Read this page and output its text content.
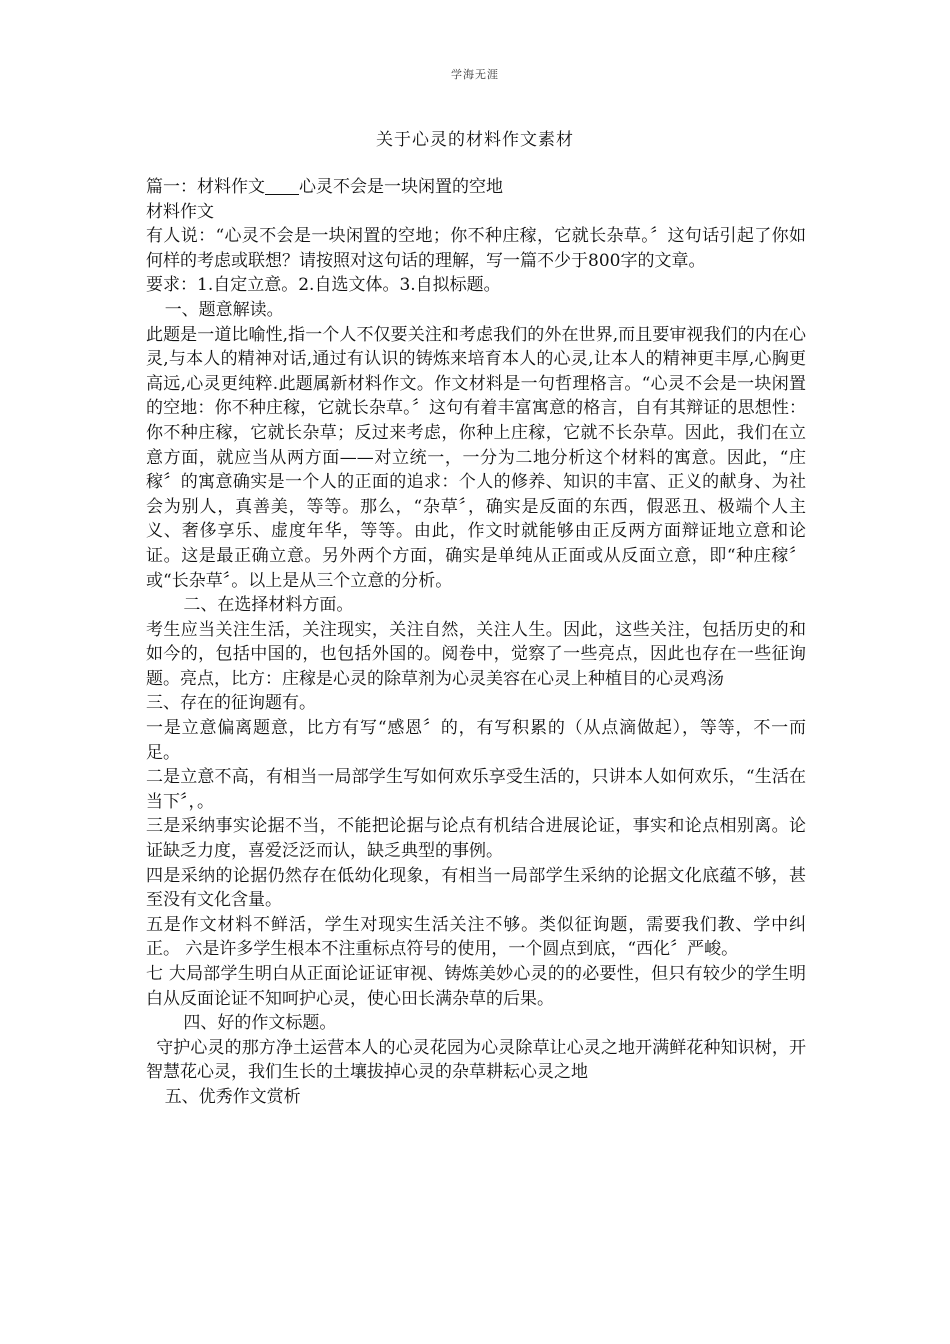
学海无涯
关于心灵的材料作文素材

篇一：材料作文 心灵不会是一块闲置的空地

材料作文

有人说：“心灵不会是一块闲置的空地；你不种庄稼，它就长杂草。〞这句话引起了你如何样的考虑或联想？请按照对这句话的理解，写一篇不少于800字的文章。

要求：1.自定立意。2.自选文体。3.自拟标题。

一、题意解读。

此题是一道比喻性,指一个人不仅要关注和考虑我们的外在世界,而且要审视我们的内在心灵,与本人的精神对话,通过有认识的铸炼来培育本人的心灵,让本人的精神更丰厚,心胸更高远,心灵更纯粹.此题属新材料作文。作文材料是一句哲理格言。“心灵不会是一块闲置的空地：你不种庄稼，它就长杂草。〞这句有着丰富寓意的格言，自有其辩证的思想性：你不种庄稼，它就长杂草；反过来考虑，你种上庄稼，它就不长杂草。因此，我们在立意方面，就应当从两方面——对立统一，一分为二地分析这个材料的寓意。因此，“庄稼〞的寓意确实是一个人的正面的追求：个人的修养、知识的丰富、正义的献身、为社会为别人，真善美，等等。那么，“杂草〞，确实是反面的东西，假恶丑、极端个人主义、奢侈享乐、虚度年华，等等。由此，作文时就能够由正反两方面辩证地立意和论证。这是最正确立意。另外两个方面，确实是单纯从正面或从反面立意，即“种庄稼〞或“长杂草〞。以上是从三个立意的分析。

二、在选择材料方面。

考生应当关注生活，关注现实，关注自然，关注人生。因此，这些关注，包括历史的和如今的，包括中国的，也包括外国的。阅卷中，觉察了一些亮点，因此也存在一些征询题。亮点，比方：庄稼是心灵的除草剂为心灵美容在心灵上种植目的心灵鸡汤

三、存在的征询题有。

一是立意偏离题意，比方有写“感恩〞的，有写积累的（从点滴做起），等等，不一而足。

二是立意不高，有相当一局部学生写如何欢乐享受生活的，只讲本人如何欢乐，“生活在当下〞，。

三是采纳事实论据不当，不能把论据与论点有机结合进展论证，事实和论点相别离。论证缺乏力度，喜爱泛泛而认，缺乏典型的事例。

四是采纳的论据仍然存在低幼化现象，有相当一局部学生采纳的论据文化底蕴不够，甚至没有文化含量。

五是作文材料不鲜活，学生对现实生活关注不够。类似征询题，需要我们教、学中纠正。 六是许多学生根本不注重标点符号的使用，一个圆点到底，“西化〞严峻。

七 大局部学生明白从正面论证证审视、铸炼美妙心灵的的必要性，但只有较少的学生明白从反面论证不知呵护心灵，使心田长满杂草的后果。

四、好的作文标题。

守护心灵的那方净土运营本人的心灵花园为心灵除草让心灵之地开满鲜花种知识树，开智慧花心灵，我们生长的土壤拔掉心灵的杂草耕耘心灵之地

五、优秀作文赏析
